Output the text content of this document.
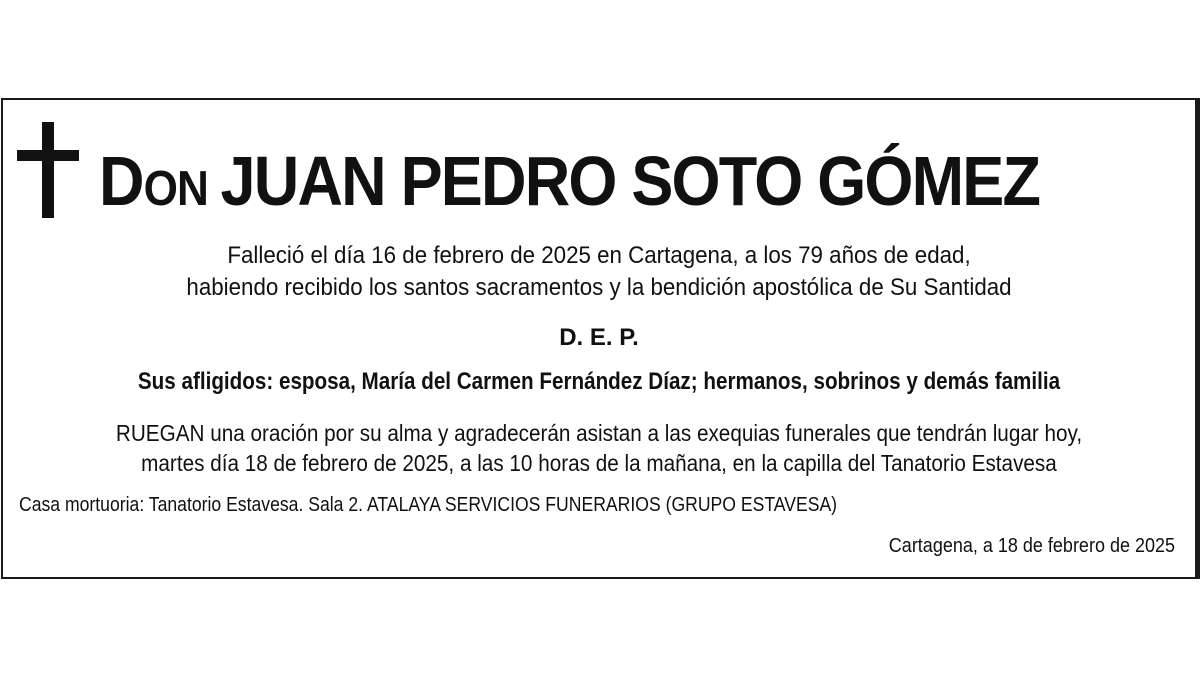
Don JUAN PEDRO SOTO GÓMEZ
Falleció el día 16 de febrero de 2025 en Cartagena, a los 79 años de edad,
habiendo recibido los santos sacramentos y la bendición apostólica de Su Santidad
D. E. P.
Sus afligidos: esposa, María del Carmen Fernández Díaz; hermanos, sobrinos y demás familia
RUEGAN una oración por su alma y agradecerán asistan a las exequias funerales que tendrán lugar hoy,
martes día 18 de febrero de 2025, a las 10 horas de la mañana, en la capilla del Tanatorio Estavesa
Casa mortuoria: Tanatorio Estavesa. Sala 2. ATALAYA SERVICIOS FUNERARIOS (GRUPO ESTAVESA)
Cartagena, a 18 de febrero de 2025
